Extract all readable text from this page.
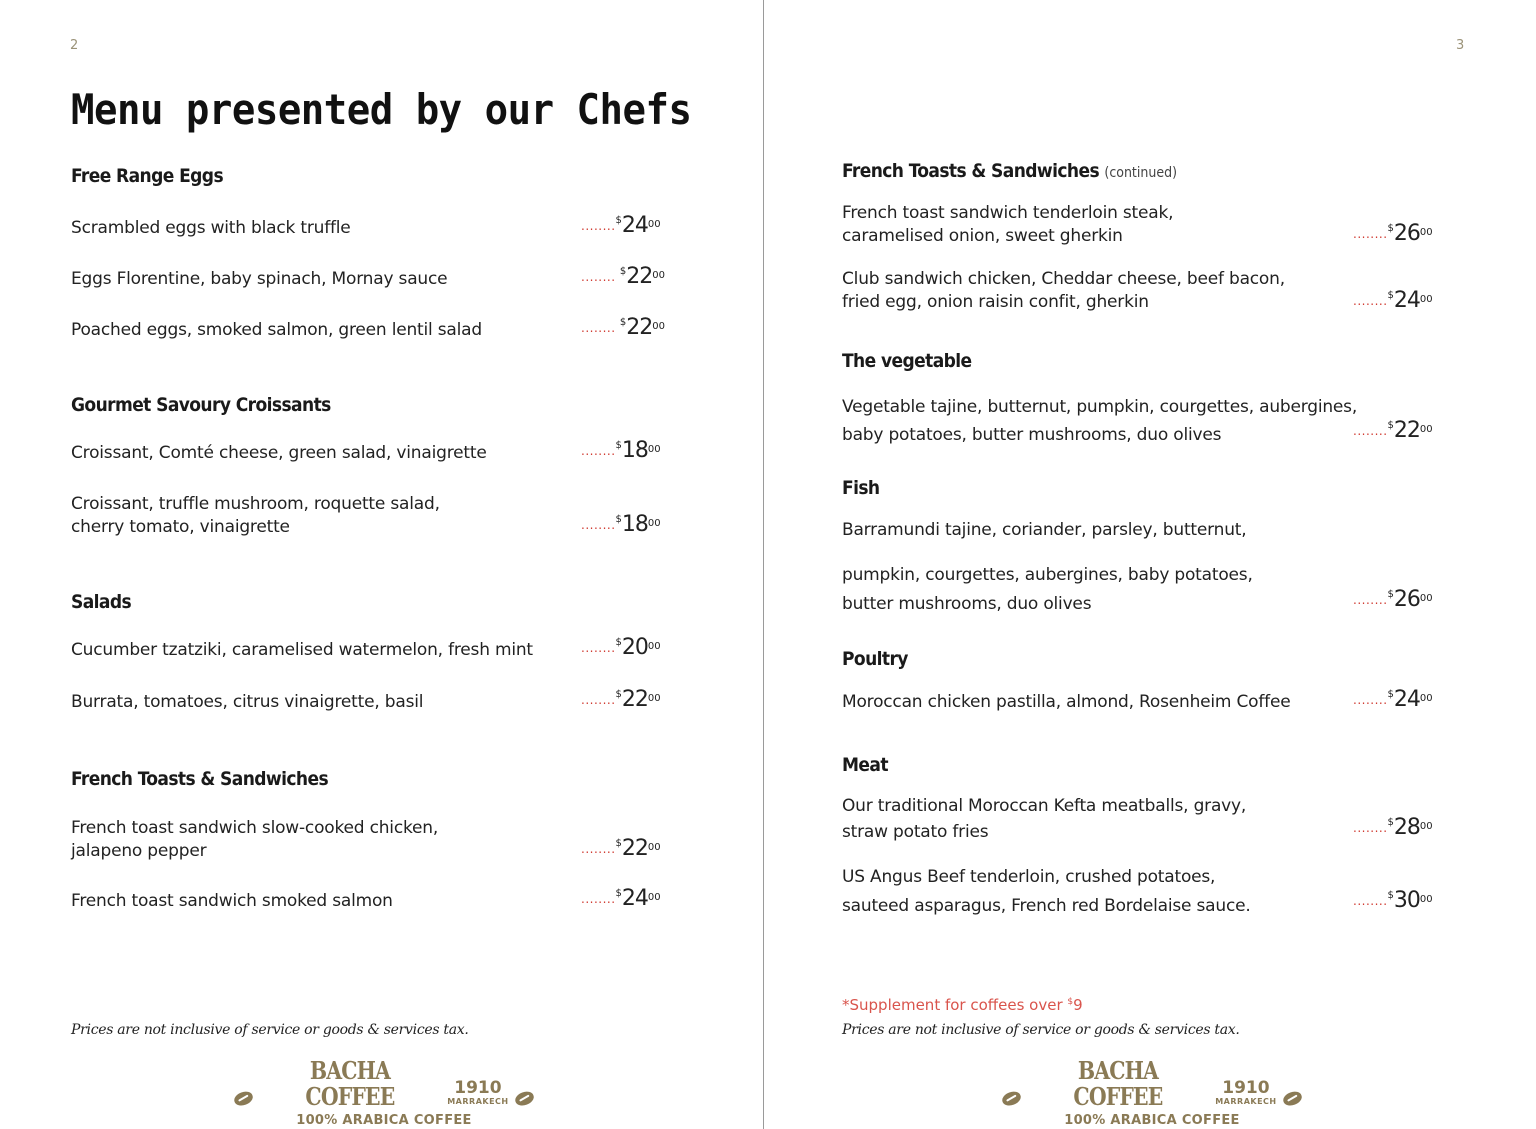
2
Menu presented by our Chefs
Free Range Eggs
Scrambled eggs with black truffle	$........^{\$}24^{00}$
Eggs Florentine, baby spinach, Mornay sauce	........ $^{\$}22^{00}$
Poached eggs, smoked salmon, green lentil salad	........ $^{\$}22^{00}$
Gourmet Savoury Croissants
Croissant, Comté cheese, green salad, vinaigrette	$........^{\$}18^{00}$
Croissant, truffle mushroom, roquette salad,
cherry tomato, vinaigrette	$........^{\$}18^{00}$
Salads
Cucumber tzatziki, caramelised watermelon, fresh mint	$........^{\$}20^{00}$
Burrata, tomatoes, citrus vinaigrette, basil	$........^{\$}22^{00}$
French Toasts & Sandwiches
French toast sandwich slow-cooked chicken,
jalapeno pepper	$........^{\$}22^{00}$
French toast sandwich smoked salmon	$........^{\$}24^{00}$
Prices are not inclusive of service or goods & services tax.
BACHA COFFEE	1910
MARRAKECH
100% ARABICA COFFEE
3
French Toasts & Sandwiches (continued)
French toast sandwich tenderloin steak,
caramelised onion, sweet gherkin	$........^{\$}26^{00}$
Club sandwich chicken, Cheddar cheese, beef bacon,
fried egg, onion raisin confit, gherkin	$........^{\$}24^{00}$
The vegetable
Vegetable tajine, butternut, pumpkin, courgettes, aubergines,
baby potatoes, butter mushrooms, duo olives	$........^{\$}22^{00}$
Fish
Barramundi tajine, coriander, parsley, butternut,
pumpkin, courgettes, aubergines, baby potatoes,
butter mushrooms, duo olives	$........^{\$}26^{00}$
Poultry
Moroccan chicken pastilla, almond, Rosenheim Coffee	$........^{\$}24^{00}$
Meat
Our traditional Moroccan Kefta meatballs, gravy,
straw potato fries	$........^{\$}28^{00}$
US Angus Beef tenderloin, crushed potatoes,
sauteed asparagus, French red Bordelaise sauce.	$........^{\$}30^{00}$
*Supplement for coffees over $9
Prices are not inclusive of service or goods & services tax.
BACHA COFFEE	1910
MARRAKECH
100% ARABICA COFFEE
